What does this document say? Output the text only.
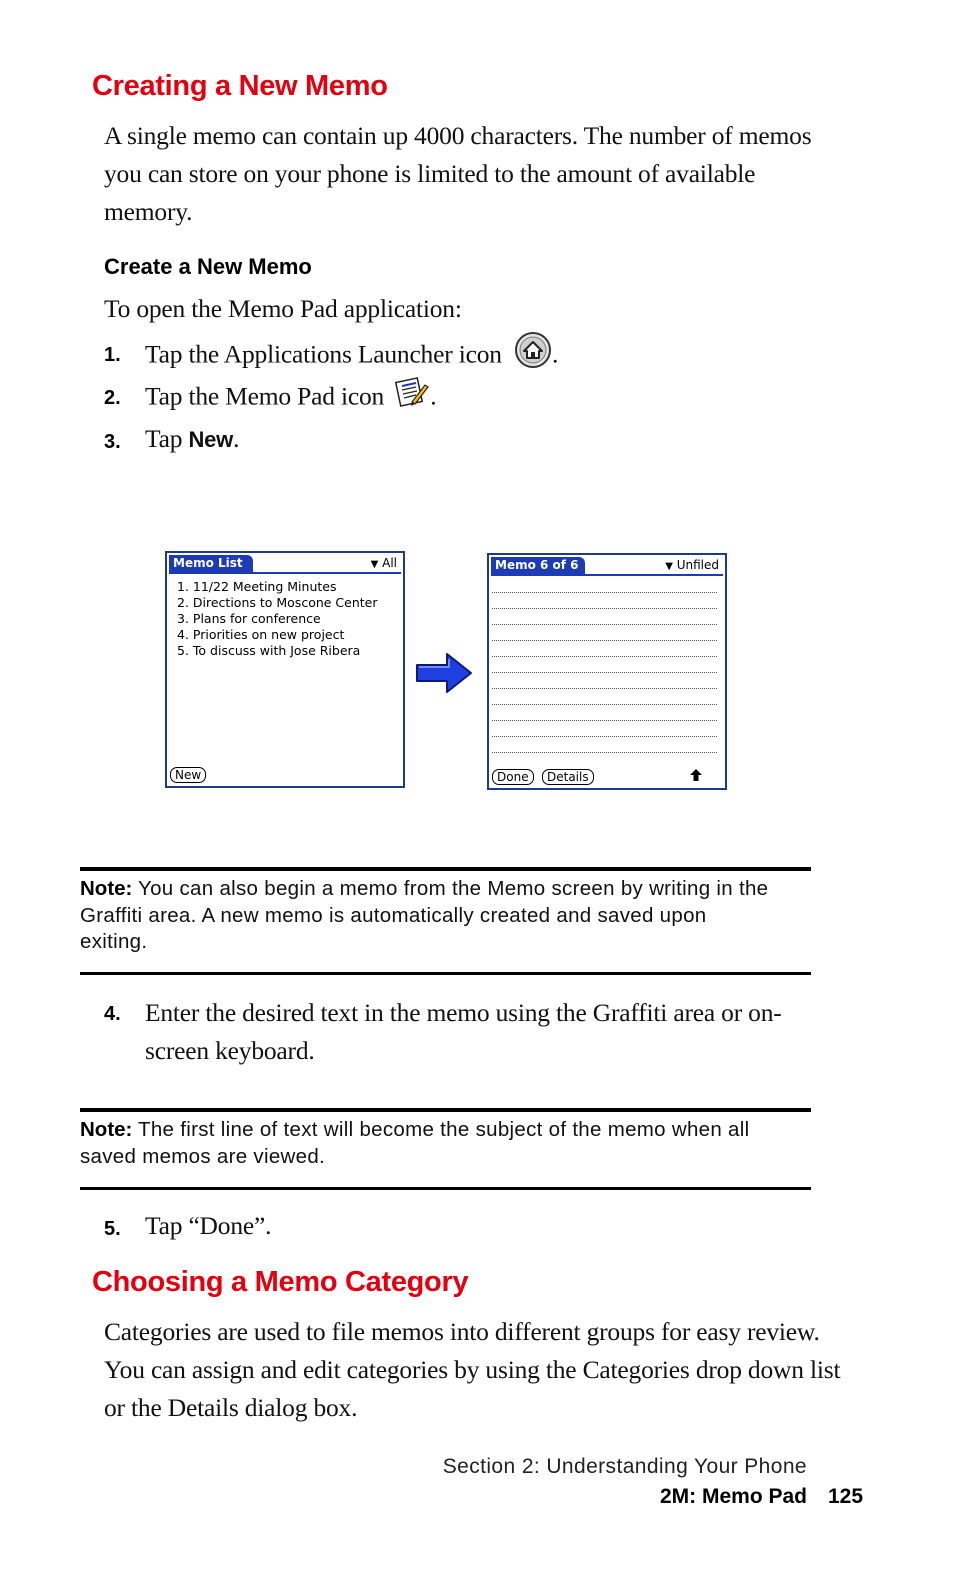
Creating a New Memo
A single memo can contain up 4000 characters. The number of memos
you can store on your phone is limited to the amount of available
memory.
Create a New Memo
To open the Memo Pad application:
1. Tap the Applications Launcher icon .
2. Tap the Memo Pad icon .
3. Tap New.
Memo List	▼ All
1. 11/22 Meeting Minutes
2. Directions to Moscone Center
3. Plans for conference
4. Priorities on new project
5. To discuss with Jose Ribera
New
Memo 6 of 6	▼ Unfiled
Done	Details
Note: You can also begin a memo from the Memo screen by writing in the
Graffiti area. A new memo is automatically created and saved upon
exiting.
4. Enter the desired text in the memo using the Graffiti area or on-
screen keyboard.
Note: The first line of text will become the subject of the memo when all
saved memos are viewed.
5. Tap “Done”.
Choosing a Memo Category
Categories are used to file memos into different groups for easy review.
You can assign and edit categories by using the Categories drop down list
or the Details dialog box.
Section 2: Understanding Your Phone
2M: Memo Pad 125
